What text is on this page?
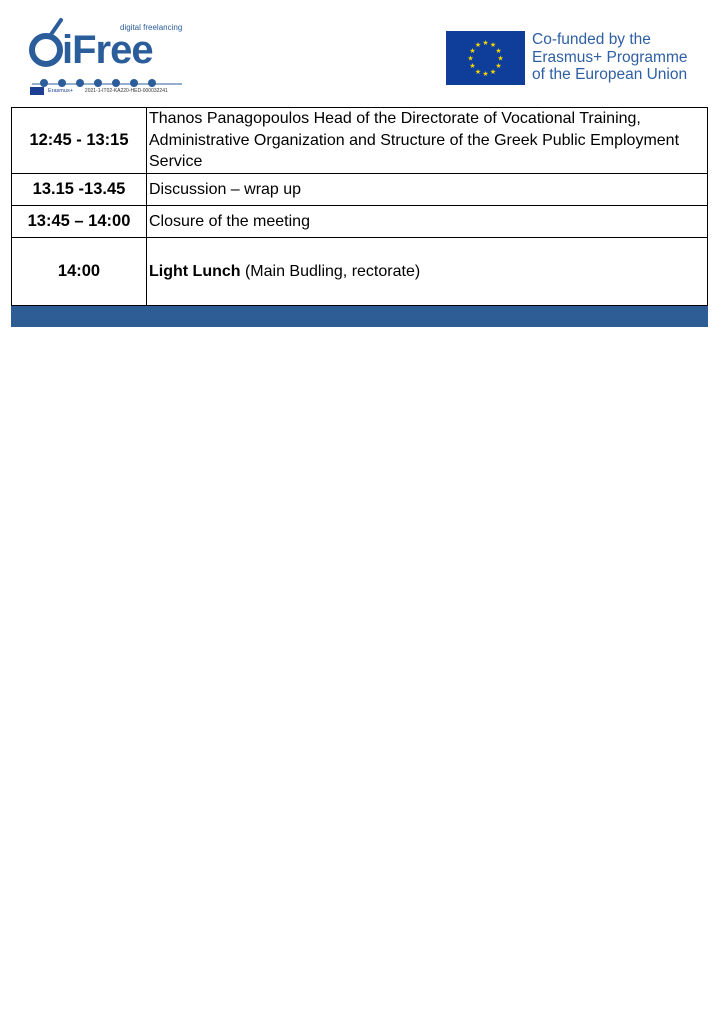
digital freelancing
iFree
Erasmus+ 2021-1-IT02-KA220-HED-000032241
★ ★
★
★
★
★
★
★
★
★
★
★	Co-funded by the
Erasmus+ Programme
of the European Union
12:45 - 13:15	Thanos Panagopoulos Head of the Directorate of Vocational Training, Administrative Organization and Structure of the Greek Public Employment Service
13.15 -13.45	Discussion – wrap up
13:45 – 14:00	Closure of the meeting
14:00	Light Lunch (Main Budling, rectorate)
